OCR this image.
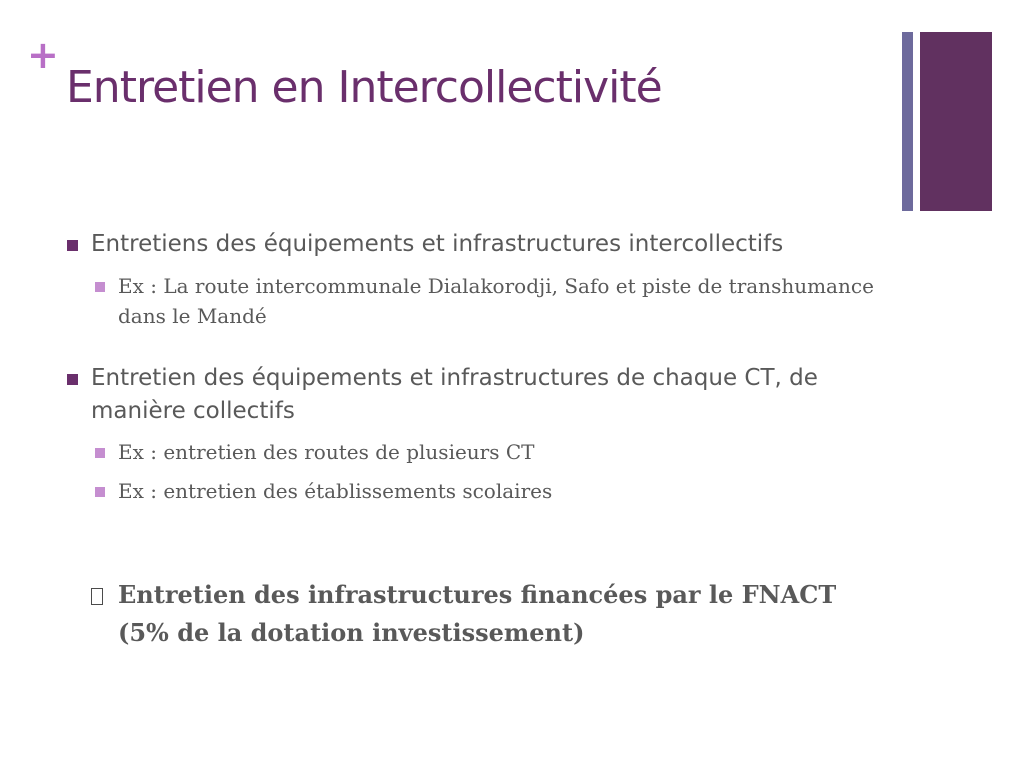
+
Entretien en Intercollectivité
Entretiens des équipements et infrastructures intercollectifs
Ex : La route intercommunale Dialakorodji, Safo et piste de transhumance dans le Mandé
Entretien des équipements et infrastructures de chaque CT, de manière collectifs
Ex : entretien des routes de plusieurs CT
Ex : entretien des établissements scolaires
Entretien des infrastructures financées par le FNACT (5% de la dotation investissement)
